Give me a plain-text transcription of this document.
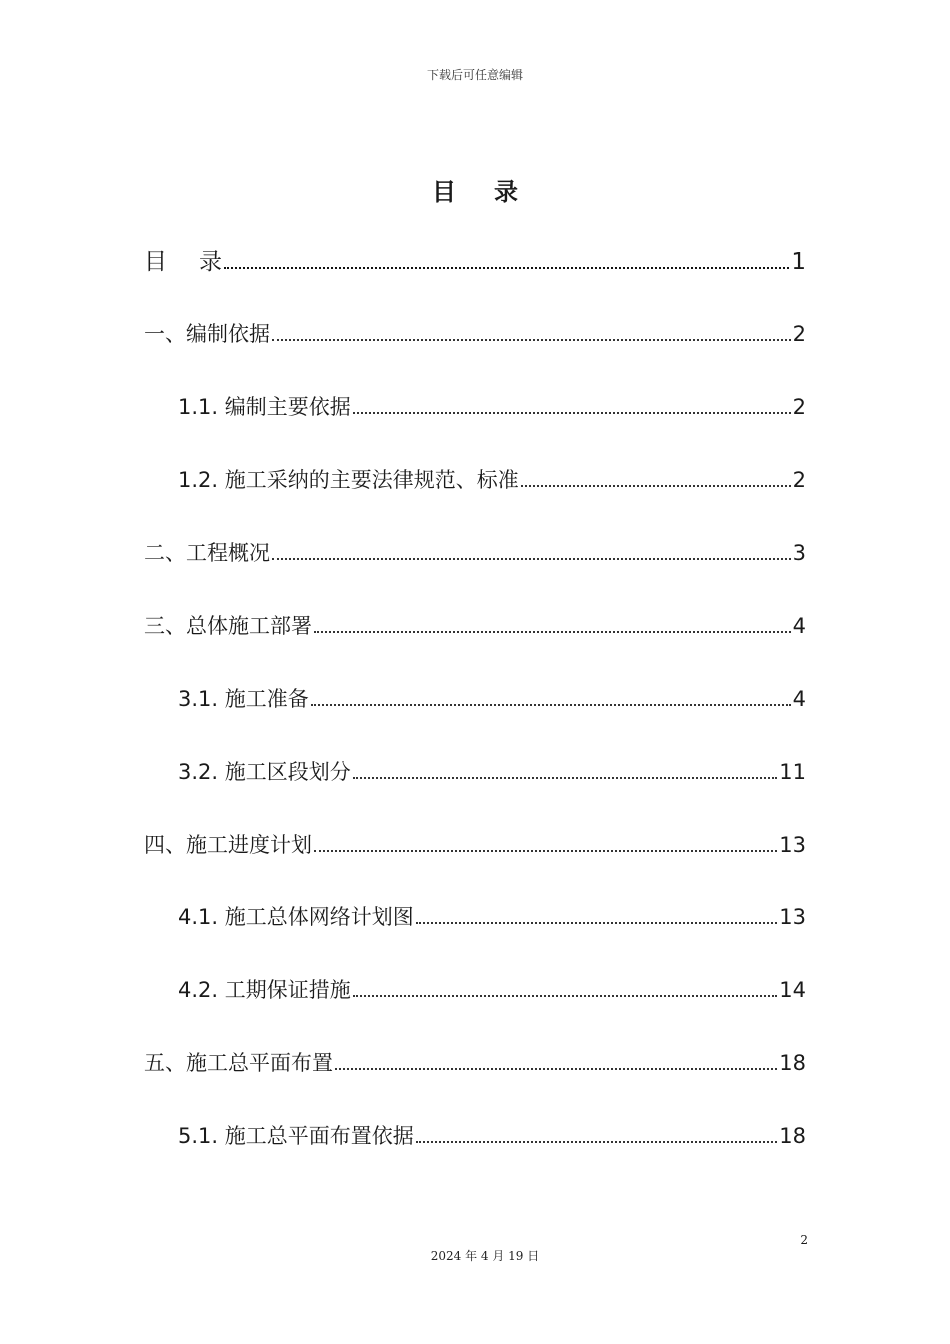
下载后可任意编辑
目 录
目 录	1
一、编制依据	2
1.1. 编制主要依据	2
1.2. 施工采纳的主要法律规范、标准	2
二、工程概况	3
三、总体施工部署	4
3.1. 施工准备	4
3.2. 施工区段划分	11
四、施工进度计划	13
4.1. 施工总体网络计划图	13
4.2. 工期保证措施	14
五、施工总平面布置	18
5.1. 施工总平面布置依据	18
2
2024 年 4 月 19 日
